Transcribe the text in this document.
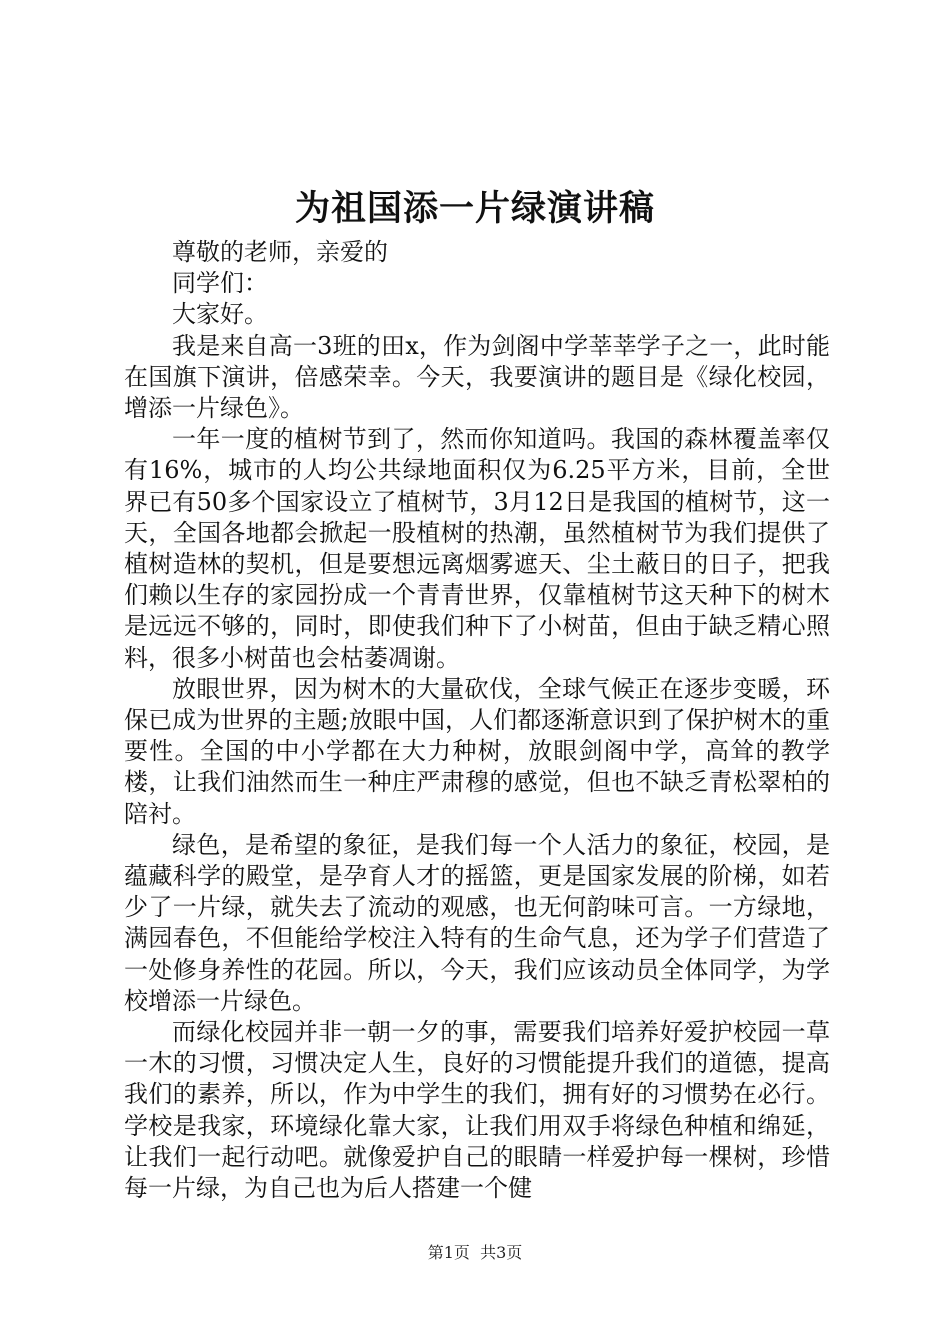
为祖国添一片绿演讲稿

尊敬的老师，亲爱的

同学们：

大家好。

我是来自高一3班的田x，作为剑阁中学莘莘学子之一，此时能在国旗下演讲，倍感荣幸。今天，我要演讲的题目是《绿化校园，增添一片绿色》。

一年一度的植树节到了，然而你知道吗。我国的森林覆盖率仅有16%，城市的人均公共绿地面积仅为6.25平方米，目前，全世界已有50多个国家设立了植树节，3月12日是我国的植树节，这一天，全国各地都会掀起一股植树的热潮，虽然植树节为我们提供了植树造林的契机，但是要想远离烟雾遮天、尘土蔽日的日子，把我们赖以生存的家园扮成一个青青世界，仅靠植树节这天种下的树木是远远不够的，同时，即使我们种下了小树苗，但由于缺乏精心照料，很多小树苗也会枯萎凋谢。

放眼世界，因为树木的大量砍伐，全球气候正在逐步变暖，环保已成为世界的主题;放眼中国，人们都逐渐意识到了保护树木的重要性。全国的中小学都在大力种树，放眼剑阁中学，高耸的教学楼，让我们油然而生一种庄严肃穆的感觉，但也不缺乏青松翠柏的陪衬。

绿色，是希望的象征，是我们每一个人活力的象征，校园，是蕴藏科学的殿堂，是孕育人才的摇篮，更是国家发展的阶梯，如若少了一片绿，就失去了流动的观感，也无何韵味可言。一方绿地，满园春色，不但能给学校注入特有的生命气息，还为学子们营造了一处修身养性的花园。所以，今天，我们应该动员全体同学，为学校增添一片绿色。

而绿化校园并非一朝一夕的事，需要我们培养好爱护校园一草一木的习惯，习惯决定人生，良好的习惯能提升我们的道德，提高我们的素养，所以，作为中学生的我们，拥有好的习惯势在必行。学校是我家，环境绿化靠大家，让我们用双手将绿色种植和绵延，让我们一起行动吧。就像爱护自己的眼睛一样爱护每一棵树，珍惜每一片绿，为自己也为后人搭建一个健

第1页 共3页
